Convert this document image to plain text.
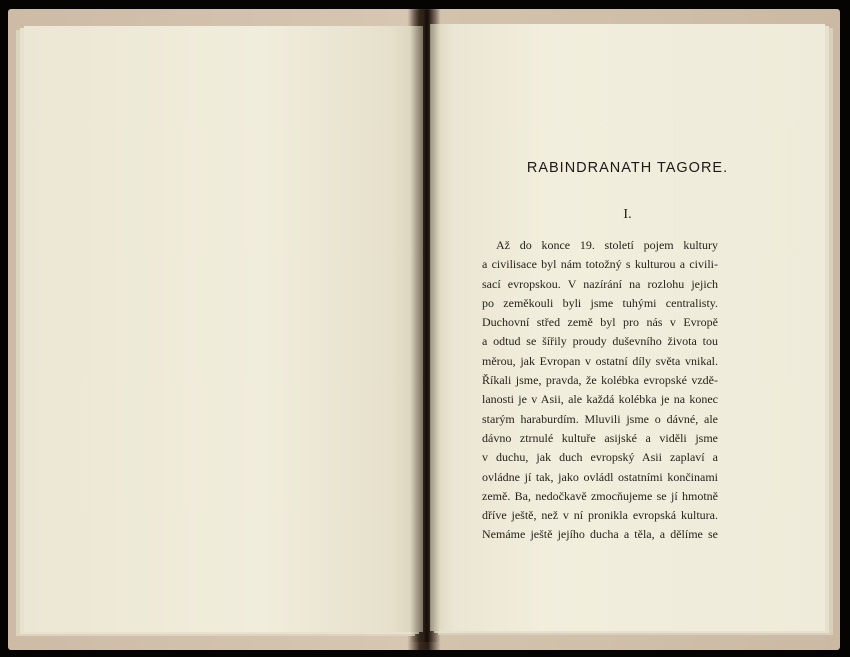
RABINDRANATH TAGORE.
I.
Až do konce 19. století pojem kultury
a civilisace byl nám totožný s kulturou a civili-
sací evropskou. V nazírání na rozlohu jejich
po zeměkouli byli jsme tuhými centralisty.
Duchovní střed země byl pro nás v Evropě
a odtud se šířily proudy duševního života tou
měrou, jak Evropan v ostatní díly světa vnikal.
Říkali jsme, pravda, že kolébka evropské vzdě-
lanosti je v Asii, ale každá kolébka je na konec
starým haraburdím. Mluvili jsme o dávné, ale
dávno ztrnulé kultuře asijské a viděli jsme
v duchu, jak duch evropský Asii zaplaví a
ovládne jí tak, jako ovládl ostatními končinami
země. Ba, nedočkavě zmocňujeme se jí hmotně
dříve ještě, než v ní pronikla evropská kultura.
Nemáme ještě jejího ducha a těla, a dělíme se
